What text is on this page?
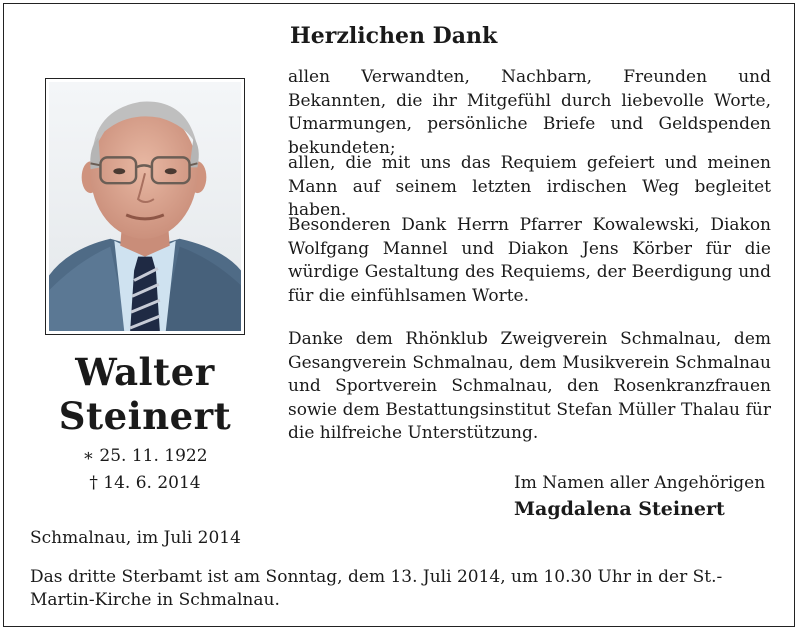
Walter
Steinert
∗ 25. 11. 1922
† 14. 6. 2014
Herzlichen Dank
allen Verwandten, Nachbarn, Freunden und Bekannten, die ihr Mitgefühl durch liebevolle Worte, Umarmungen, persönliche Briefe und Geldspenden bekundeten;
allen, die mit uns das Requiem gefeiert und meinen Mann auf seinem letzten irdischen Weg begleitet haben.
Besonderen Dank Herrn Pfarrer Kowalewski, Diakon Wolfgang Mannel und Diakon Jens Körber für die würdige Gestaltung des Requiems, der Beerdigung und für die einfühlsamen Worte.
Danke dem Rhönklub Zweigverein Schmalnau, dem Gesangverein Schmalnau, dem Musikverein Schmalnau und Sportverein Schmalnau, den Rosenkranzfrauen sowie dem Bestattungsinstitut Stefan Müller Thalau für die hilfreiche Unterstützung.
Im Namen aller Angehörigen
Magdalena Steinert
Schmalnau, im Juli 2014
Das dritte Sterbamt ist am Sonntag, dem 13. Juli 2014, um 10.30 Uhr in der St.-Martin-Kirche in Schmalnau.
